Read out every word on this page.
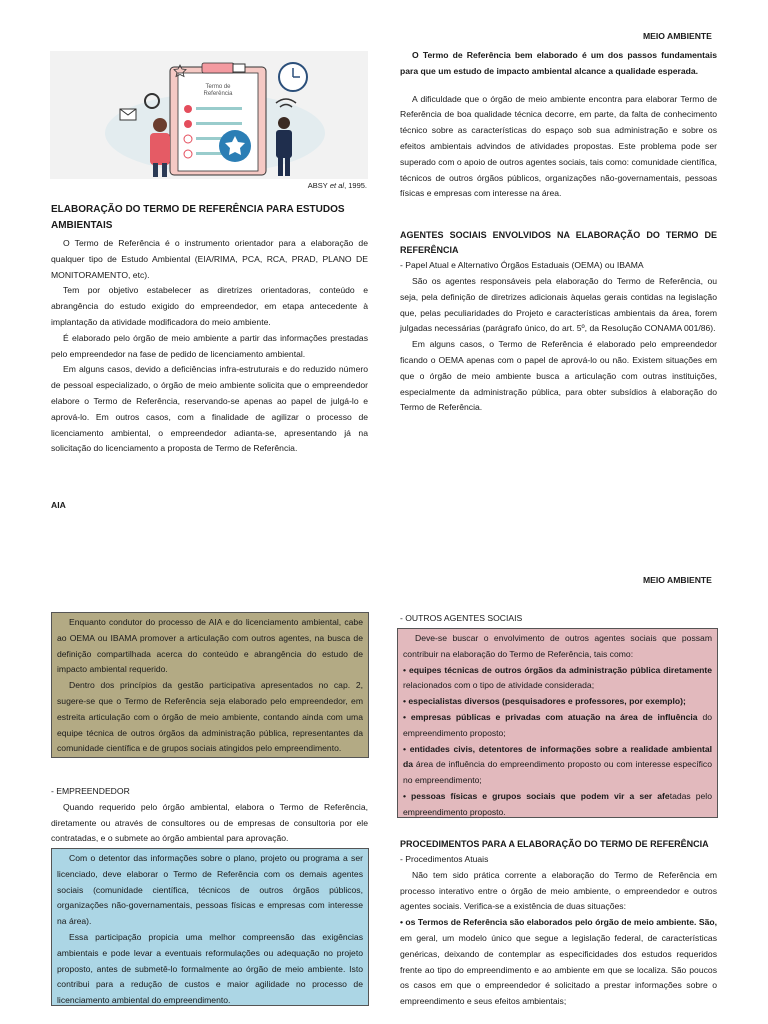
MEIO AMBIENTE
Termo de
Referência
ABSY et al, 1995.

ELABORAÇÃO DO TERMO DE REFERÊNCIA PARA ESTUDOS AMBIENTAIS

O Termo de Referência é o instrumento orientador para a elaboração de qualquer tipo de Estudo Ambiental (EIA/RIMA, PCA, RCA, PRAD, PLANO DE MONITORAMENTO, etc).

Tem por objetivo estabelecer as diretrizes orientadoras, conteúdo e abrangência do estudo exigido do empreendedor, em etapa antecedente à implantação da atividade modificadora do meio ambiente.

É elaborado pelo órgão de meio ambiente a partir das informações prestadas pelo empreendedor na fase de pedido de licenciamento ambiental.

Em alguns casos, devido a deficiências infra-estruturais e do reduzido número de pessoal especializado, o órgão de meio ambiente solicita que o empreendedor elabore o Termo de Referência, reservando-se apenas ao papel de julgá-lo e aprová-lo. Em outros casos, com a finalidade de agilizar o processo de licenciamento ambiental, o empreendedor adianta-se, apresentando já na solicitação do licenciamento a proposta de Termo de Referência.

AIA

O Termo de Referência bem elaborado é um dos passos fundamentais para que um estudo de impacto ambiental alcance a qualidade esperada.

A dificuldade que o órgão de meio ambiente encontra para elaborar Termo de Referência de boa qualidade técnica decorre, em parte, da falta de conhecimento técnico sobre as características do espaço sob sua administração e sobre os efeitos ambientais advindos de atividades propostas. Este problema pode ser superado com o apoio de outros agentes sociais, tais como: comunidade científica, técnicos de outros órgãos públicos, organizações não-governamentais, pessoas físicas e empresas com interesse na área.

AGENTES SOCIAIS ENVOLVIDOS NA ELABORAÇÃO DO TERMO DE REFERÊNCIA

- Papel Atual e Alternativo Órgãos Estaduais (OEMA) ou IBAMA

São os agentes responsáveis pela elaboração do Termo de Referência, ou seja, pela definição de diretrizes adicionais àquelas gerais contidas na legislação que, pelas peculiaridades do Projeto e características ambientais da área, forem julgadas necessárias (parágrafo único, do art. 5º, da Resolução CONAMA 001/86).

Em alguns casos, o Termo de Referência é elaborado pelo empreendedor ficando o OEMA apenas com o papel de aprová-lo ou não. Existem situações em que o órgão de meio ambiente busca a articulação com outras instituições, especialmente da administração pública, para obter subsídios à elaboração do Termo de Referência.

MEIO AMBIENTE

Enquanto condutor do processo de AIA e do licenciamento ambiental, cabe ao OEMA ou IBAMA promover a articulação com outros agentes, na busca de definição compartilhada acerca do conteúdo e abrangência do estudo de impacto ambiental requerido.

Dentro dos princípios da gestão participativa apresentados no cap. 2, sugere-se que o Termo de Referência seja elaborado pelo empreendedor, em estreita articulação com o órgão de meio ambiente, contando ainda com uma equipe técnica de outros órgãos da administração pública, representantes da comunidade científica e de grupos sociais atingidos pelo empreendimento.

- EMPREENDEDOR

Quando requerido pelo órgão ambiental, elabora o Termo de Referência, diretamente ou através de consultores ou de empresas de consultoria por ele contratadas, e o submete ao órgão ambiental para aprovação.

Com o detentor das informações sobre o plano, projeto ou programa a ser licenciado, deve elaborar o Termo de Referência com os demais agentes sociais (comunidade científica, técnicos de outros órgãos públicos, organizações não-governamentais, pessoas físicas e empresas com interesse na área).

Essa participação propicia uma melhor compreensão das exigências ambientais e pode levar a eventuais reformulações ou adequação no projeto proposto, antes de submetê-lo formalmente ao órgão de meio ambiente. Isto contribui para a redução de custos e maior agilidade no processo de licenciamento ambiental do empreendimento.

- OUTROS AGENTES SOCIAIS

Deve-se buscar o envolvimento de outros agentes sociais que possam contribuir na elaboração do Termo de Referência, tais como:

• equipes técnicas de outros órgãos da administração pública diretamente relacionados com o tipo de atividade considerada;
• especialistas diversos (pesquisadores e professores, por exemplo);
• empresas públicas e privadas com atuação na área de influência do empreendimento proposto;
• entidades civis, detentores de informações sobre a realidade ambiental da área de influência do empreendimento proposto ou com interesse específico no empreendimento;
• pessoas físicas e grupos sociais que podem vir a ser afetadas pelo empreendimento proposto.

PROCEDIMENTOS PARA A ELABORAÇÃO DO TERMO DE REFERÊNCIA

- Procedimentos Atuais

Não tem sido prática corrente a elaboração do Termo de Referência em processo interativo entre o órgão de meio ambiente, o empreendedor e outros agentes sociais. Verifica-se a existência de duas situações:

• os Termos de Referência são elaborados pelo órgão de meio ambiente. São, em geral, um modelo único que segue a legislação federal, de características genéricas, deixando de contemplar as especificidades dos estudos requeridos frente ao tipo do empreendimento e ao ambiente em que se localiza. São poucos os casos em que o empreendedor é solicitado a prestar informações sobre o empreendimento e seus efeitos ambientais;
